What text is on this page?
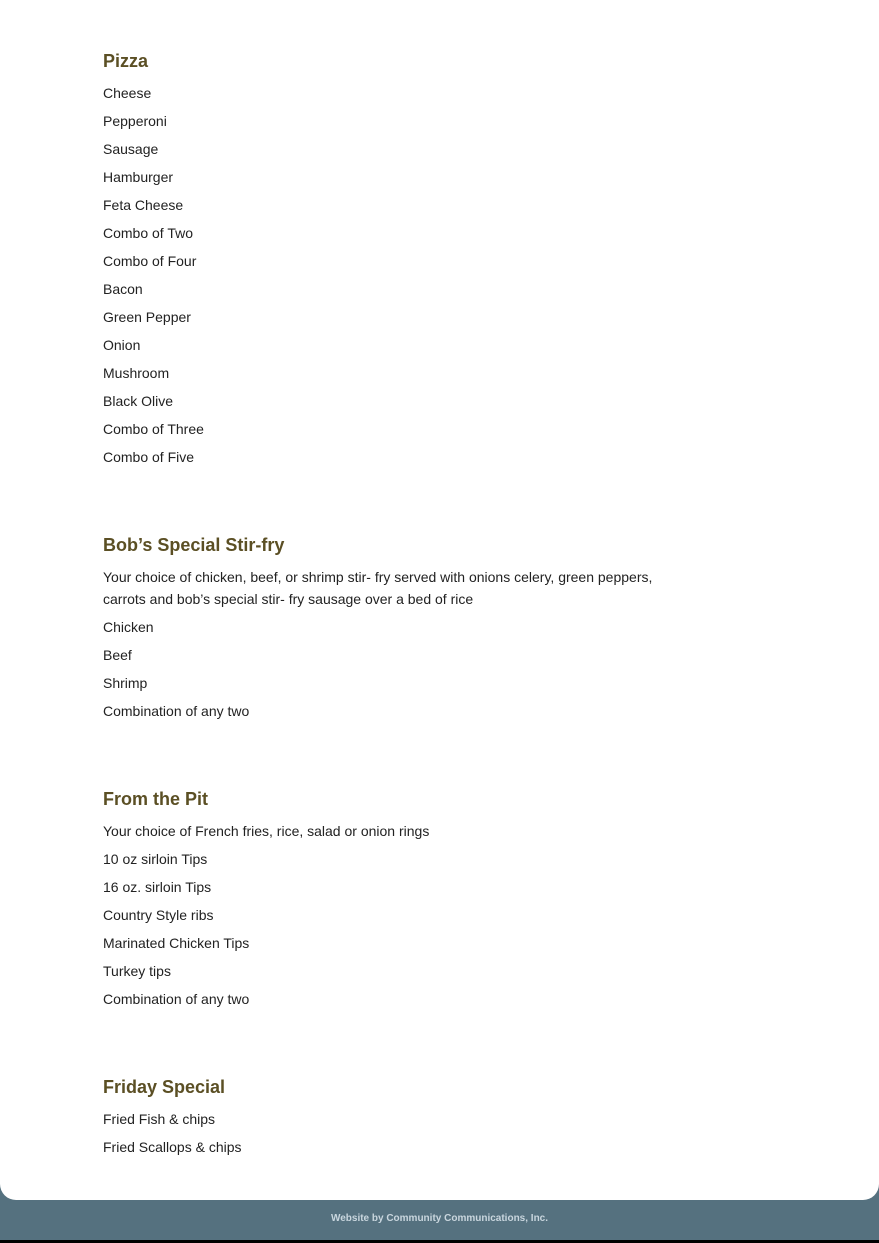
Pizza
Cheese
Pepperoni
Sausage
Hamburger
Feta Cheese
Combo of Two
Combo of Four
Bacon
Green Pepper
Onion
Mushroom
Black Olive
Combo of Three
Combo of Five
Bob’s Special Stir-fry

Your choice of chicken, beef, or shrimp stir- fry served with onions celery, green peppers, carrots and bob’s special stir- fry sausage over a bed of rice

Chicken
Beef
Shrimp
Combination of any two
From the Pit

Your choice of French fries, rice, salad or onion rings

10 oz sirloin Tips
16 oz. sirloin Tips
Country Style ribs
Marinated Chicken Tips
Turkey tips
Combination of any two
Friday Special
Fried Fish & chips
Fried Scallops & chips
Website by Community Communications, Inc.
